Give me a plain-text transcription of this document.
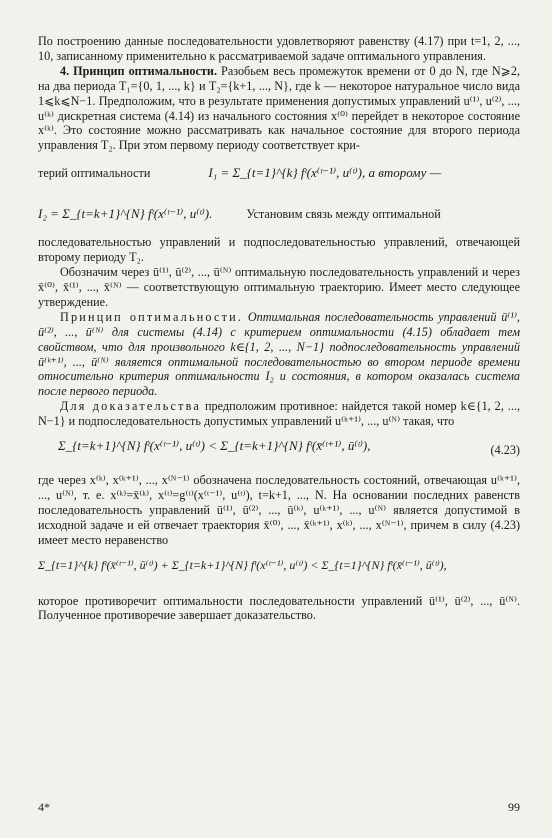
По построению данные последовательности удовлетворяют равенству (4.17) при t=1, 2, ..., 10, записанному применительно к рассматриваемой задаче оптимального управления.

4. Принцип оптимальности. Разобьем весь промежуток времени от 0 до N, где N⩾2, на два периода T₁={0, 1, ..., k} и T₂={k+1, ..., N}, где k — некоторое натуральное число вида 1⩽k⩽N−1. Предположим, что в результате применения допустимых управлений u⁽¹⁾, u⁽²⁾, ..., u⁽ᵏ⁾ дискретная система (4.14) из начального состояния x⁽⁰⁾ перейдет в некоторое состояние x⁽ᵏ⁾. Это состояние можно рассматривать как начальное состояние для второго периода управления T₂. При этом первому периоду соответствует кри-

терий оптимальности	I₁ = Σ_{t=1}^{k} fᵗ(x⁽ᵗ⁻¹⁾, u⁽ᵗ⁾), а второму —
I₂ = Σ_{t=k+1}^{N} fᵗ(x⁽ᵗ⁻¹⁾, u⁽ᵗ⁾).	Установим связь между оптимальной

последовательностью управлений и подпоследовательностью управлений, отвечающей второму периоду T₂.

Обозначим через ū⁽¹⁾, ū⁽²⁾, ..., ū⁽ᴺ⁾ оптимальную последовательность управлений и через x̄⁽⁰⁾, x̄⁽¹⁾, ..., x̄⁽ᴺ⁾ — соответствующую оптимальную траекторию. Имеет место следующее утверждение.

Принцип оптимальности. Оптимальная последовательность управлений ū⁽¹⁾, ū⁽²⁾, ..., ū⁽ᴺ⁾ для системы (4.14) с критерием оптимальности (4.15) обладает тем свойством, что для произвольного k∈{1, 2, ..., N−1} подпоследовательность управлений ū⁽ᵏ⁺¹⁾, ..., ū⁽ᴺ⁾ является оптимальной последовательностью во втором периоде времени относительно критерия оптимальности I₂ и состояния, в котором оказалась система после первого периода.

Для доказательства предположим противное: найдется такой номер k∈{1, 2, ..., N−1} и подпоследовательность допустимых управлений u⁽ᵏ⁺¹⁾, ..., u⁽ᴺ⁾ такая, что

Σ_{t=k+1}^{N} fᵗ(x⁽ᵗ⁻¹⁾, u⁽ᵗ⁾) < Σ_{t=k+1}^{N} fᵗ(x̄⁽ᵗ⁺¹⁾, ū⁽ᵗ⁾),	(4.23)

где через x⁽ᵏ⁾, x⁽ᵏ⁺¹⁾, ..., x⁽ᴺ⁻¹⁾ обозначена последовательность состояний, отвечающая u⁽ᵏ⁺¹⁾, ..., u⁽ᴺ⁾, т. е. x⁽ᵏ⁾=x̄⁽ᵏ⁾, x⁽ᵗ⁾=g⁽ᵗ⁾(x⁽ᵗ⁻¹⁾, u⁽ᵗ⁾), t=k+1, ..., N. На основании последних равенств последовательность управлений ū⁽¹⁾, ū⁽²⁾, ..., ū⁽ᵏ⁾, u⁽ᵏ⁺¹⁾, ..., u⁽ᴺ⁾ является допустимой в исходной задаче и ей отвечает траектория x̄⁽⁰⁾, ..., x̄⁽ᵏ⁺¹⁾, x⁽ᵏ⁾, ..., x⁽ᴺ⁻¹⁾, причем в силу (4.23) имеет место неравенство

Σ_{t=1}^{k} fᵗ(x̄⁽ᵗ⁻¹⁾, ū⁽ᵗ⁾) + Σ_{t=k+1}^{N} fᵗ(x⁽ᵗ⁻¹⁾, u⁽ᵗ⁾) < Σ_{t=1}^{N} fᵗ(x̄⁽ᵗ⁻¹⁾, ū⁽ᵗ⁾),

которое противоречит оптимальности последовательности управлений ū⁽¹⁾, ū⁽²⁾, ..., ū⁽ᴺ⁾. Полученное противоречие завершает доказательство.

4*	99
